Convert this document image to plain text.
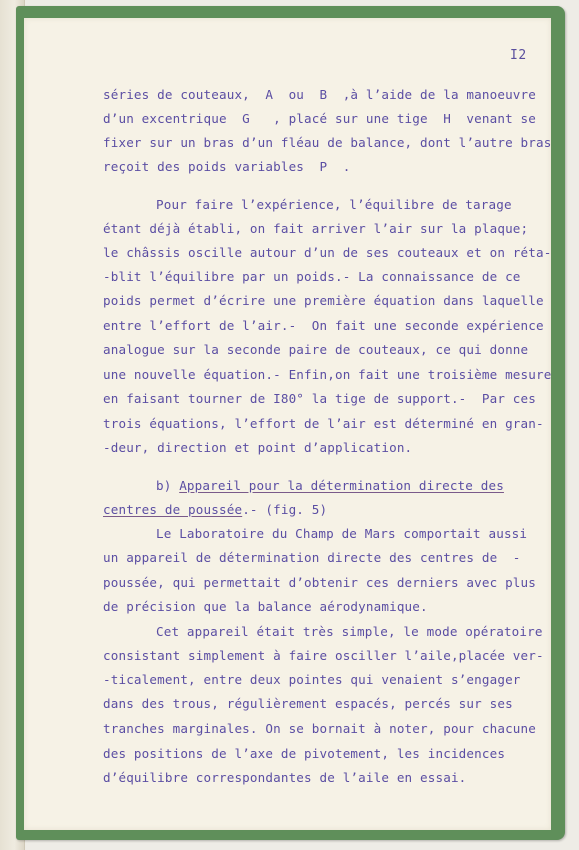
I2
séries de couteaux,  A  ou  B  ,à l’aide de la manoeuvre
d’un excentrique  G   , placé sur une tige  H  venant se
fixer sur un bras d’un fléau de balance, dont l’autre bras
reçoit des poids variables  P  .
Pour faire l’expérience, l’équilibre de tarage
étant déjà établi, on fait arriver l’air sur la plaque;
le châssis oscille autour d’un de ses couteaux et on réta-
-blit l’équilibre par un poids.- La connaissance de ce
poids permet d’écrire une première équation dans laquelle
entre l’effort de l’air.-  On fait une seconde expérience
analogue sur la seconde paire de couteaux, ce qui donne
une nouvelle équation.- Enfin,on fait une troisième mesure
en faisant tourner de I80° la tige de support.-  Par ces
trois équations, l’effort de l’air est déterminé en gran-
-deur, direction et point d’application.
b) Appareil pour la détermination directe des
centres de poussée.- (fig. 5)
Le Laboratoire du Champ de Mars comportait aussi
un appareil de détermination directe des centres de  -
poussée, qui permettait d’obtenir ces derniers avec plus
de précision que la balance aérodynamique.
Cet appareil était très simple, le mode opératoire
consistant simplement à faire osciller l’aile,placée ver-
-ticalement, entre deux pointes qui venaient s’engager
dans des trous, régulièrement espacés, percés sur ses
tranches marginales. On se bornait à noter, pour chacune
des positions de l’axe de pivotement, les incidences
d’équilibre correspondantes de l’aile en essai.
